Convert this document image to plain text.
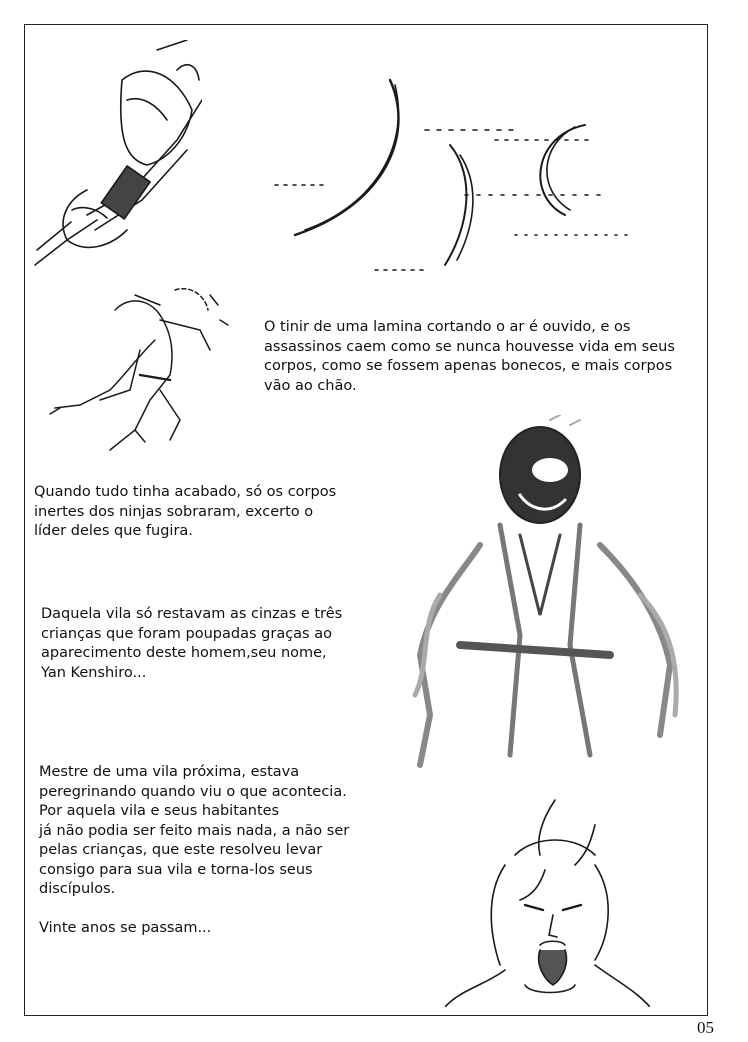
O tinir de uma lamina cortando o ar é ouvido, e os
assassinos caem como se nunca houvesse vida em seus
corpos, como se fossem apenas bonecos, e mais corpos
vão ao chão.
Quando tudo tinha acabado, só os corpos
inertes dos ninjas sobraram, excerto o
líder deles que fugira.
Daquela vila só restavam as cinzas e três
crianças que foram poupadas graças ao
aparecimento deste homem,seu nome,
Yan Kenshiro...
Mestre de uma vila próxima, estava
peregrinando quando viu o que acontecia.
Por aquela vila e seus habitantes
já não podia ser feito mais nada, a não ser
pelas crianças, que este resolveu levar
consigo para sua vila e torna-los seus
discípulos.

Vinte anos se passam...
05
